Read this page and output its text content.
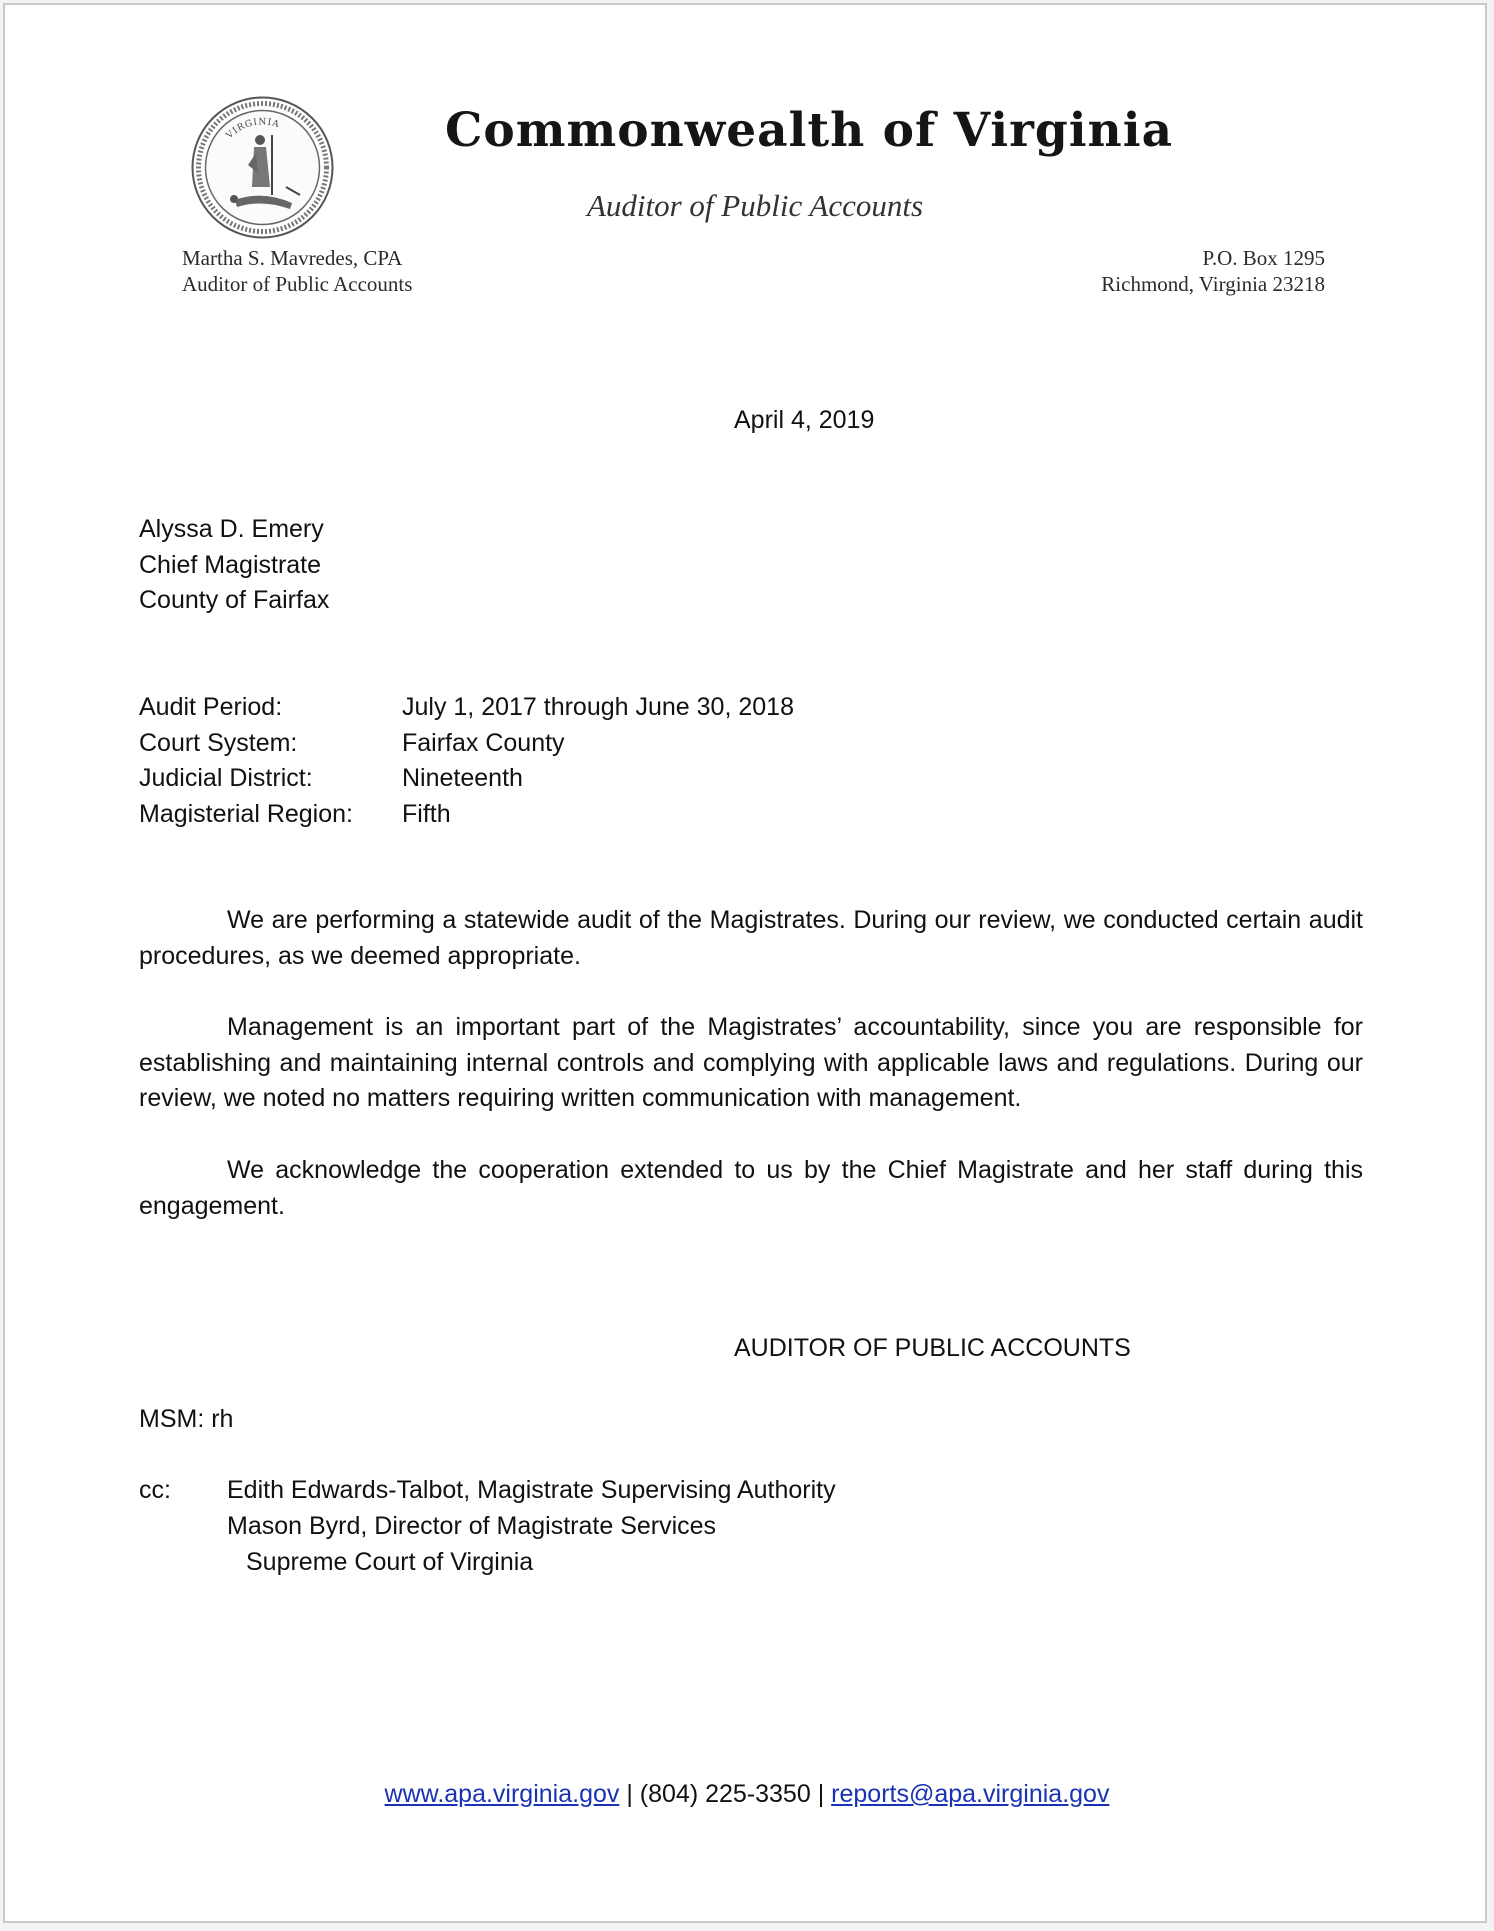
VIRGINIA	Commonwealth of Virginia
Auditor of Public Accounts
Martha S. Mavredes, CPA
Auditor of Public Accounts
P.O. Box 1295
Richmond, Virginia 23218
April 4, 2019
Alyssa D. Emery
Chief Magistrate
County of Fairfax
Audit Period:	July 1, 2017 through June 30, 2018
Court System:	Fairfax County
Judicial District:	Nineteenth
Magisterial Region: Fifth
We are performing a statewide audit of the Magistrates. During our review, we conducted certain audit procedures, as we deemed appropriate.
Management is an important part of the Magistrates’ accountability, since you are responsible for establishing and maintaining internal controls and complying with applicable laws and regulations. During our review, we noted no matters requiring written communication with management.
We acknowledge the cooperation extended to us by the Chief Magistrate and her staff during this engagement.
AUDITOR OF PUBLIC ACCOUNTS
MSM: rh
cc: Edith Edwards-Talbot, Magistrate Supervising Authority
Mason Byrd, Director of Magistrate Services
Supreme Court of Virginia
www.apa.virginia.gov | (804) 225-3350 | reports@apa.virginia.gov
